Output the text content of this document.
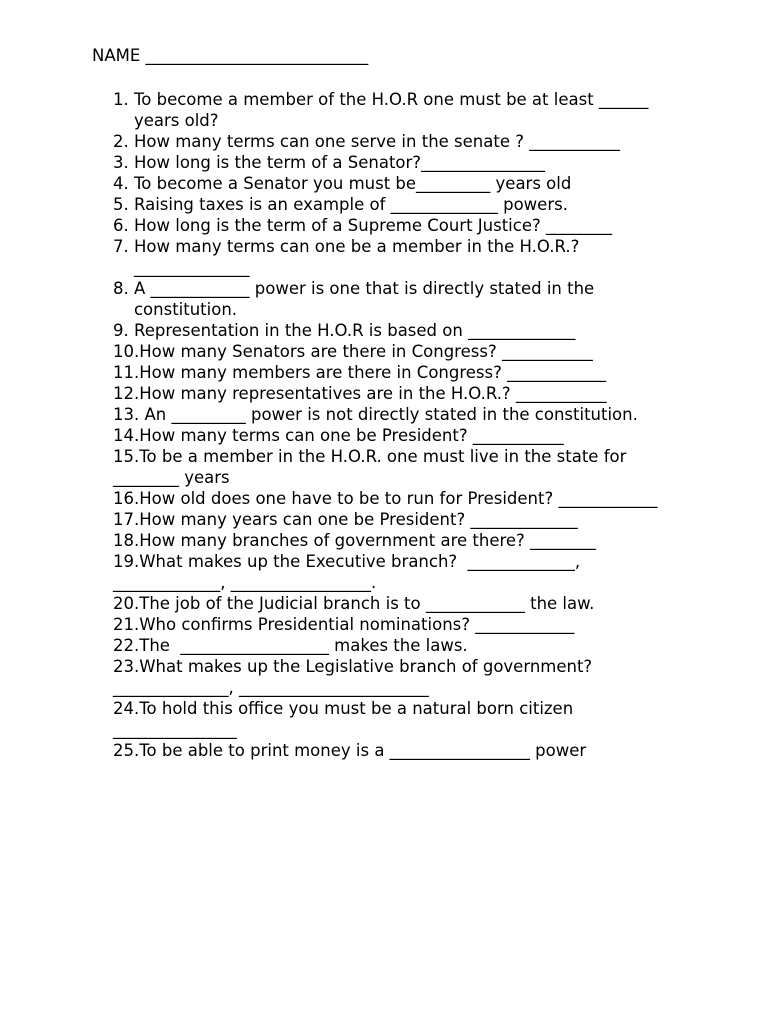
NAME ___________________________
1. To become a member of the H.O.R one must be at least ______
years old?
2. How many terms can one serve in the senate ? ___________
3. How long is the term of a Senator?_______________
4. To become a Senator you must be_________ years old
5. Raising taxes is an example of _____________ powers.
6. How long is the term of a Supreme Court Justice? ________
7. How many terms can one be a member in the H.O.R.?
______________
8. A ____________ power is one that is directly stated in the
constitution.
9. Representation in the H.O.R is based on _____________
10.How many Senators are there in Congress? ___________
11.How many members are there in Congress? ____________
12.How many representatives are in the H.O.R.? ___________
13. An _________ power is not directly stated in the constitution.
14.How many terms can one be President? ___________
15.To be a member in the H.O.R. one must live in the state for
________ years
16.How old does one have to be to run for President? ____________
17.How many years can one be President? _____________
18.How many branches of government are there? ________
19.What makes up the Executive branch?  _____________,
_____________, _________________.
20.The job of the Judicial branch is to ____________ the law.
21.Who confirms Presidential nominations? ____________
22.The  __________________ makes the laws.
23.What makes up the Legislative branch of government?
______________, _______________________
24.To hold this office you must be a natural born citizen
_______________
25.To be able to print money is a _________________ power
